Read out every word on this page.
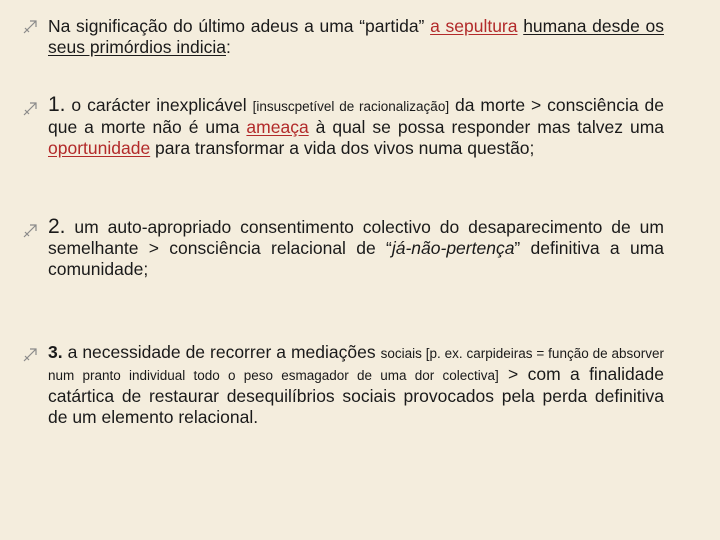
Na significação do último adeus a uma “partida” a sepultura humana desde os seus primórdios indicia:
1. o carácter inexplicável [insuscpetível de racionalização] da morte > consciência de que a morte não é uma ameaça à qual se possa responder mas talvez uma oportunidade para transformar a vida dos vivos numa questão;
2. um auto-apropriado consentimento colectivo do desaparecimento de um semelhante > consciência relacional de “já-não-pertença” definitiva a uma comunidade;
3. a necessidade de recorrer a mediações sociais [p. ex. carpideiras = função de absorver num pranto individual todo o peso esmagador de uma dor colectiva] > com a finalidade catártica de restaurar desequilíbrios sociais provocados pela perda definitiva de um elemento relacional.
